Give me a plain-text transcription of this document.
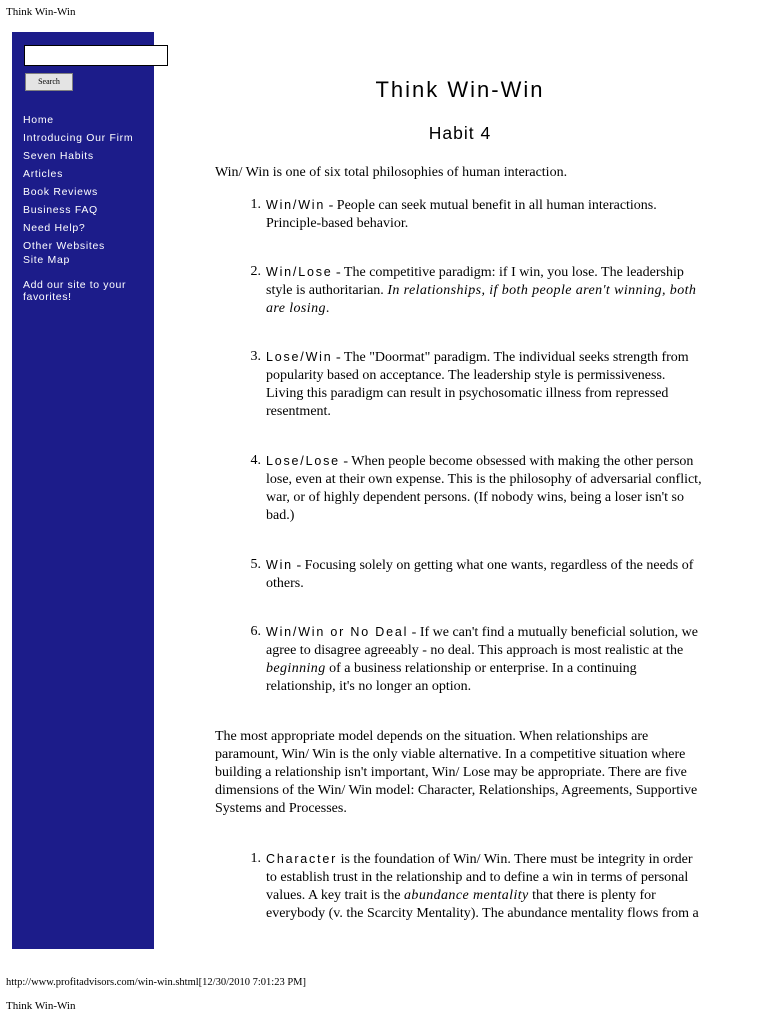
Think Win-Win
Search
Home
Introducing Our Firm
Seven Habits
Articles
Book Reviews
Business FAQ
Need Help?
Other Websites
Site Map
Add our site to your favorites!
Think Win-Win
Habit 4

Win/ Win is one of six total philosophies of human interaction.

1. Win/Win - People can seek mutual benefit in all human interactions. Principle-based behavior.
2. Win/Lose - The competitive paradigm: if I win, you lose. The leadership style is authoritarian. In relationships, if both people aren't winning, both are losing.
3. Lose/Win - The "Doormat" paradigm. The individual seeks strength from popularity based on acceptance. The leadership style is permissiveness. Living this paradigm can result in psychosomatic illness from repressed resentment.
4. Lose/Lose - When people become obsessed with making the other person lose, even at their own expense. This is the philosophy of adversarial conflict, war, or of highly dependent persons. (If nobody wins, being a loser isn't so bad.)
5. Win - Focusing solely on getting what one wants, regardless of the needs of others.
6. Win/Win or No Deal - If we can't find a mutually beneficial solution, we agree to disagree agreeably - no deal. This approach is most realistic at the beginning of a business relationship or enterprise. In a continuing relationship, it's no longer an option.

The most appropriate model depends on the situation. When relationships are paramount, Win/ Win is the only viable alternative. In a competitive situation where building a relationship isn't important, Win/ Lose may be appropriate. There are five dimensions of the Win/ Win model: Character, Relationships, Agreements, Supportive Systems and Processes.

1. Character is the foundation of Win/ Win. There must be integrity in order to establish trust in the relationship and to define a win in terms of personal values. A key trait is the abundance mentality that there is plenty for everybody (v. the Scarcity Mentality). The abundance mentality flows from a
http://www.profitadvisors.com/win-win.shtml[12/30/2010 7:01:23 PM]
Think Win-Win
